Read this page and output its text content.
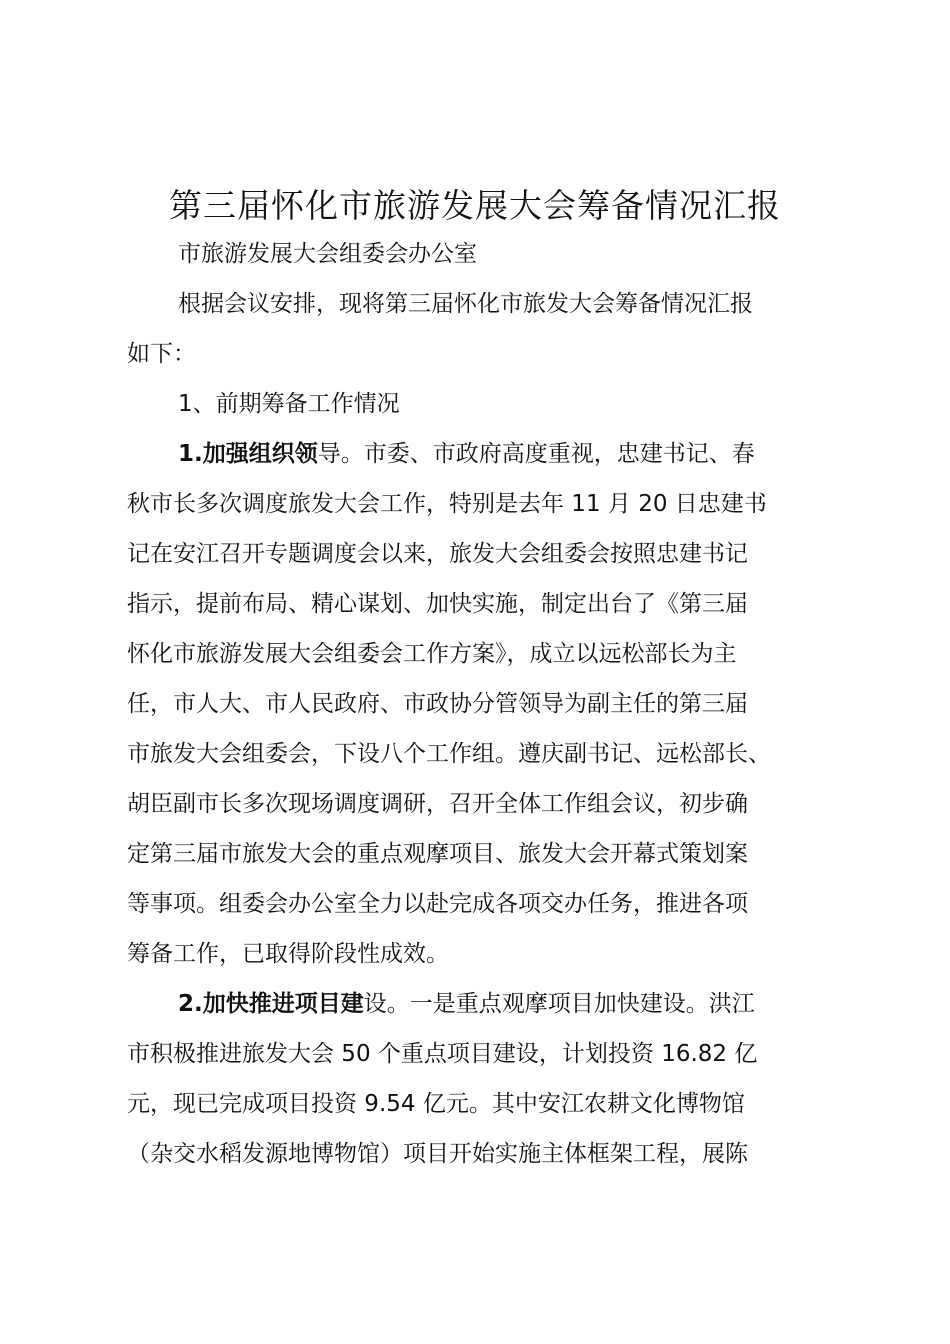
第三届怀化市旅游发展大会筹备情况汇报
市旅游发展大会组委会办公室
根据会议安排，现将第三届怀化市旅发大会筹备情况汇报
如下：
1、前期筹备工作情况
1.加强组织领导。市委、市政府高度重视，忠建书记、春
秋市长多次调度旅发大会工作，特别是去年 11 月 20 日忠建书
记在安江召开专题调度会以来，旅发大会组委会按照忠建书记
指示，提前布局、精心谋划、加快实施，制定出台了《第三届
怀化市旅游发展大会组委会工作方案》，成立以远松部长为主
任，市人大、市人民政府、市政协分管领导为副主任的第三届
市旅发大会组委会，下设八个工作组。遵庆副书记、远松部长、
胡臣副市长多次现场调度调研，召开全体工作组会议，初步确
定第三届市旅发大会的重点观摩项目、旅发大会开幕式策划案
等事项。组委会办公室全力以赴完成各项交办任务，推进各项
筹备工作，已取得阶段性成效。
2.加快推进项目建设。一是重点观摩项目加快建设。洪江
市积极推进旅发大会 50 个重点项目建设，计划投资 16.82 亿
元，现已完成项目投资 9.54 亿元。其中安江农耕文化博物馆
（杂交水稻发源地博物馆）项目开始实施主体框架工程，展陈
